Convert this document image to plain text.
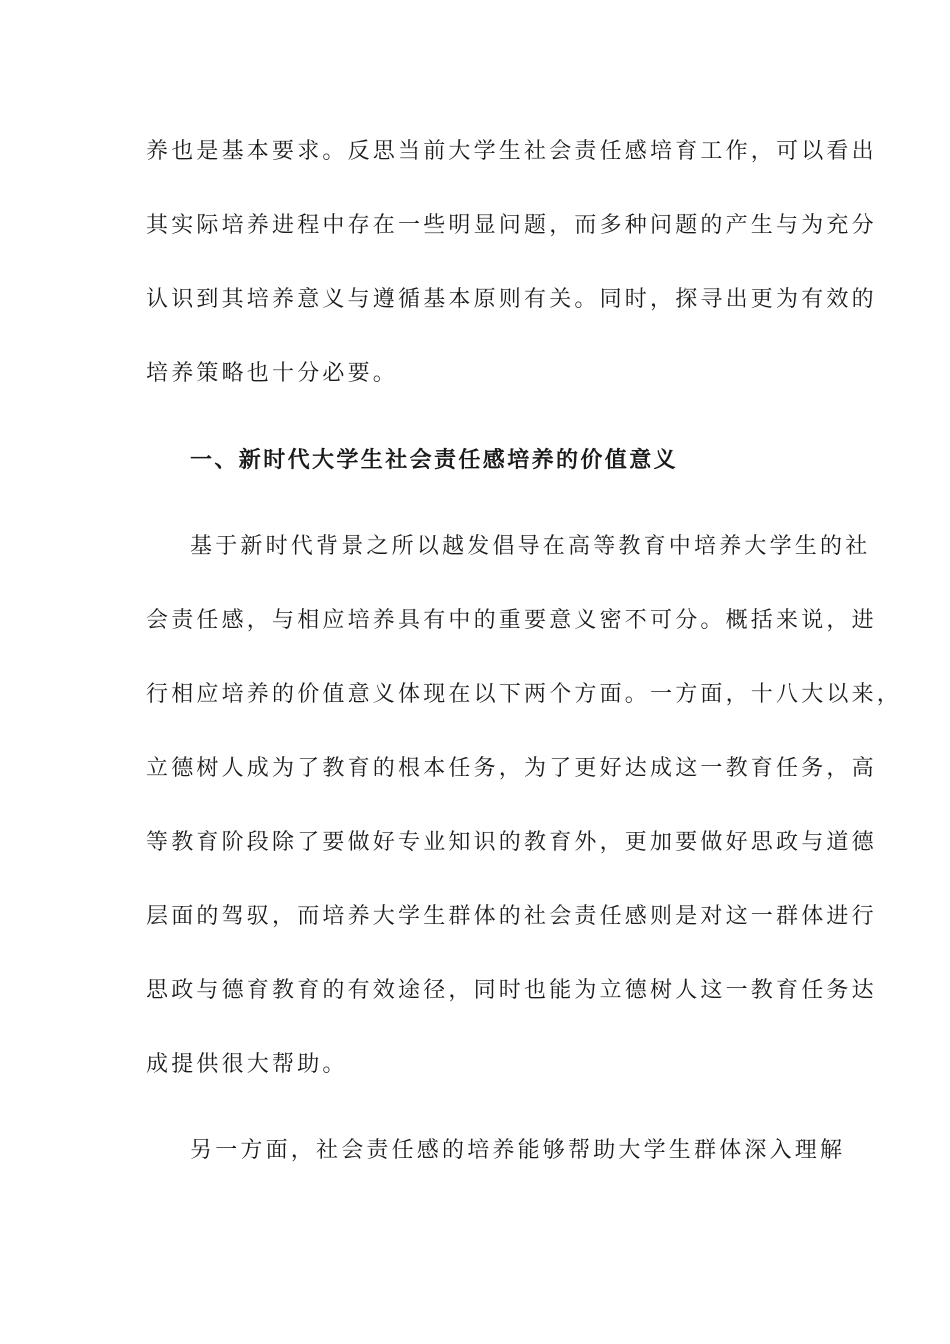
养也是基本要求。反思当前大学生社会责任感培育工作，可以看出
其实际培养进程中存在一些明显问题，而多种问题的产生与为充分
认识到其培养意义与遵循基本原则有关。同时，探寻出更为有效的
培养策略也十分必要。
一、新时代大学生社会责任感培养的价值意义
基于新时代背景之所以越发倡导在高等教育中培养大学生的社
会责任感，与相应培养具有中的重要意义密不可分。概括来说，进
行相应培养的价值意义体现在以下两个方面。一方面，十八大以来，
立德树人成为了教育的根本任务，为了更好达成这一教育任务，高
等教育阶段除了要做好专业知识的教育外，更加要做好思政与道德
层面的驾驭，而培养大学生群体的社会责任感则是对这一群体进行
思政与德育教育的有效途径，同时也能为立德树人这一教育任务达
成提供很大帮助。
另一方面，社会责任感的培养能够帮助大学生群体深入理解
